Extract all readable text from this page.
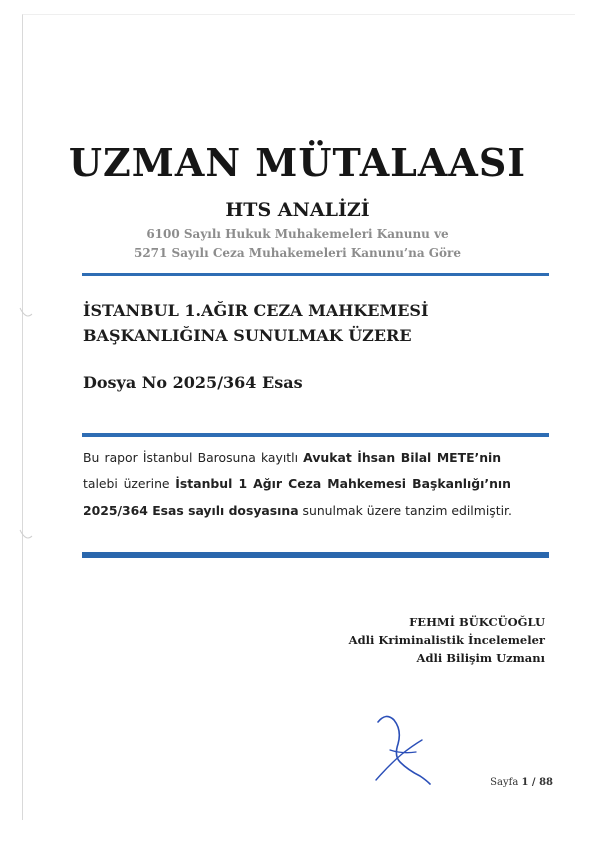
UZMAN MÜTALAASI
HTS ANALİZİ
6100 Sayılı Hukuk Muhakemeleri Kanunu ve
5271 Sayılı Ceza Muhakemeleri Kanunu’na Göre
İSTANBUL 1.AĞIR CEZA MAHKEMESİ
BAŞKANLIĞINA SUNULMAK ÜZERE
Dosya No 2025/364 Esas
Bu rapor İstanbul Barosuna kayıtlı Avukat İhsan Bilal METE’nin
talebi üzerine İstanbul 1 Ağır Ceza Mahkemesi Başkanlığı’nın
2025/364 Esas sayılı dosyasına sunulmak üzere tanzim edilmiştir.
FEHMİ BÜKCÜOĞLU
Adli Kriminalistik İncelemeler
Adli Bilişim Uzmanı
Sayfa 1 / 88
